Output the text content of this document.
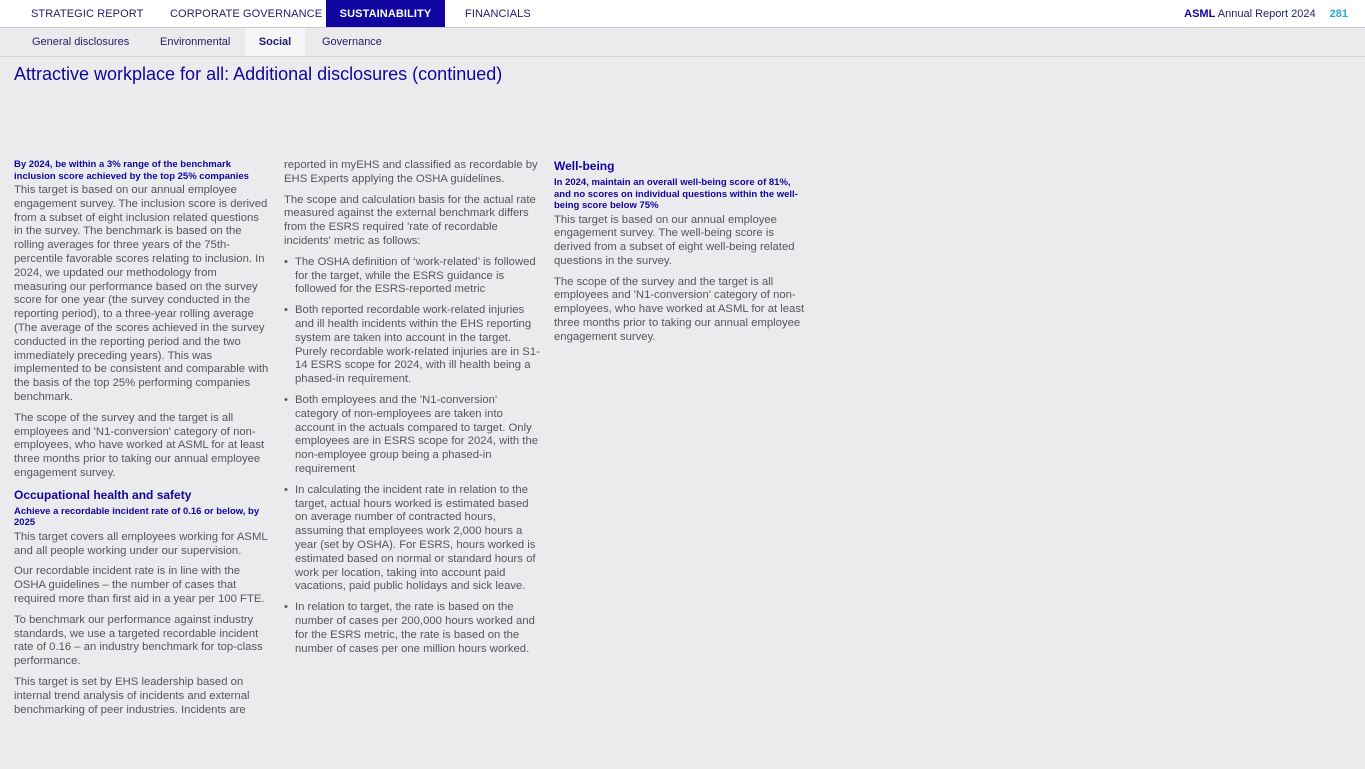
STRATEGIC REPORT CORPORATE GOVERNANCE	SUSTAINABILITY	FINANCIALS	ASML Annual Report 2024 281
General disclosures	Environmental	Social	Governance
Attractive workplace for all: Additional disclosures (continued)
By 2024, be within a 3% range of the benchmark inclusion score achieved by the top 25% companies

This target is based on our annual employee engagement survey. The inclusion score is derived from a subset of eight inclusion related questions in the survey. The benchmark is based on the rolling averages for three years of the 75th-percentile favorable scores relating to inclusion. In 2024, we updated our methodology from measuring our performance based on the survey score for one year (the survey conducted in the reporting period), to a three-year rolling average (The average of the scores achieved in the survey conducted in the reporting period and the two immediately preceding years). This was implemented to be consistent and comparable with the basis of the top 25% performing companies benchmark.

The scope of the survey and the target is all employees and 'N1-conversion' category of non-employees, who have worked at ASML for at least three months prior to taking our annual employee engagement survey.

Occupational health and safety
Achieve a recordable incident rate of 0.16 or below, by 2025

This target covers all employees working for ASML and all people working under our supervision.

Our recordable incident rate is in line with the OSHA guidelines – the number of cases that required more than first aid in a year per 100 FTE.

To benchmark our performance against industry standards, we use a targeted recordable incident rate of 0.16 – an industry benchmark for top-class performance.

This target is set by EHS leadership based on internal trend analysis of incidents and external benchmarking of peer industries. Incidents are

reported in myEHS and classified as recordable by EHS Experts applying the OSHA guidelines.

The scope and calculation basis for the actual rate measured against the external benchmark differs from the ESRS required 'rate of recordable incidents' metric as follows:

• The OSHA definition of ‘work-related’ is followed for the target, while the ESRS guidance is followed for the ESRS-reported metric
• Both reported recordable work-related injuries and ill health incidents within the EHS reporting system are taken into account in the target. Purely recordable work-related injuries are in S1-14 ESRS scope for 2024, with ill health being a phased-in requirement.
• Both employees and the 'N1-conversion' category of non-employees are taken into account in the actuals compared to target. Only employees are in ESRS scope for 2024, with the non-employee group being a phased-in requirement
• In calculating the incident rate in relation to the target, actual hours worked is estimated based on average number of contracted hours, assuming that employees work 2,000 hours a year (set by OSHA). For ESRS, hours worked is estimated based on normal or standard hours of work per location, taking into account paid vacations, paid public holidays and sick leave.
• In relation to target, the rate is based on the number of cases per 200,000 hours worked and for the ESRS metric, the rate is based on the number of cases per one million hours worked.
Well-being
In 2024, maintain an overall well-being score of 81%, and no scores on individual questions within the well-being score below 75%

This target is based on our annual employee engagement survey. The well-being score is derived from a subset of eight well-being related questions in the survey.

The scope of the survey and the target is all employees and 'N1-conversion' category of non-employees, who have worked at ASML for at least three months prior to taking our annual employee engagement survey.
